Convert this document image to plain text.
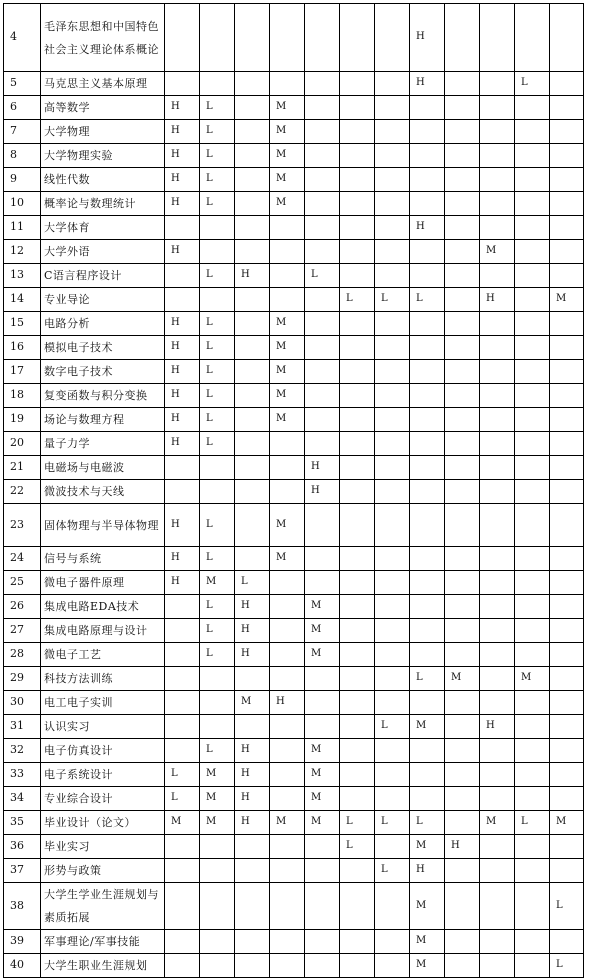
4	毛泽东思想和中国特色社会主义理论体系概论								H				
5	马克思主义基本原理								H			L	
6	高等数学	H	L		M								
7	大学物理	H	L		M								
8	大学物理实验	H	L		M								
9	线性代数	H	L		M								
10	概率论与数理统计	H	L		M								
11	大学体育								H				
12	大学外语	H									M		
13	C语言程序设计		L	H		L							
14	专业导论						L	L	L		H		M
15	电路分析	H	L		M								
16	模拟电子技术	H	L		M								
17	数字电子技术	H	L		M								
18	复变函数与积分变换	H	L		M								
19	场论与数理方程	H	L		M								
20	量子力学	H	L										
21	电磁场与电磁波					H							
22	微波技术与天线					H							
23	固体物理与半导体物理	H	L		M								
24	信号与系统	H	L		M								
25	微电子器件原理	H	M	L									
26	集成电路EDA技术		L	H		M							
27	集成电路原理与设计		L	H		M							
28	微电子工艺		L	H		M							
29	科技方法训练								L	M		M	
30	电工电子实训			M	H								
31	认识实习							L	M		H		
32	电子仿真设计		L	H		M							
33	电子系统设计	L	M	H		M							
34	专业综合设计	L	M	H		M							
35	毕业设计（论文）	M	M	H	M	M	L	L	L		M	L	M
36	毕业实习						L		M	H			
37	形势与政策							L	H				
38	大学生学业生涯规划与素质拓展								M				L
39	军事理论/军事技能								M				
40	大学生职业生涯规划								M				L
